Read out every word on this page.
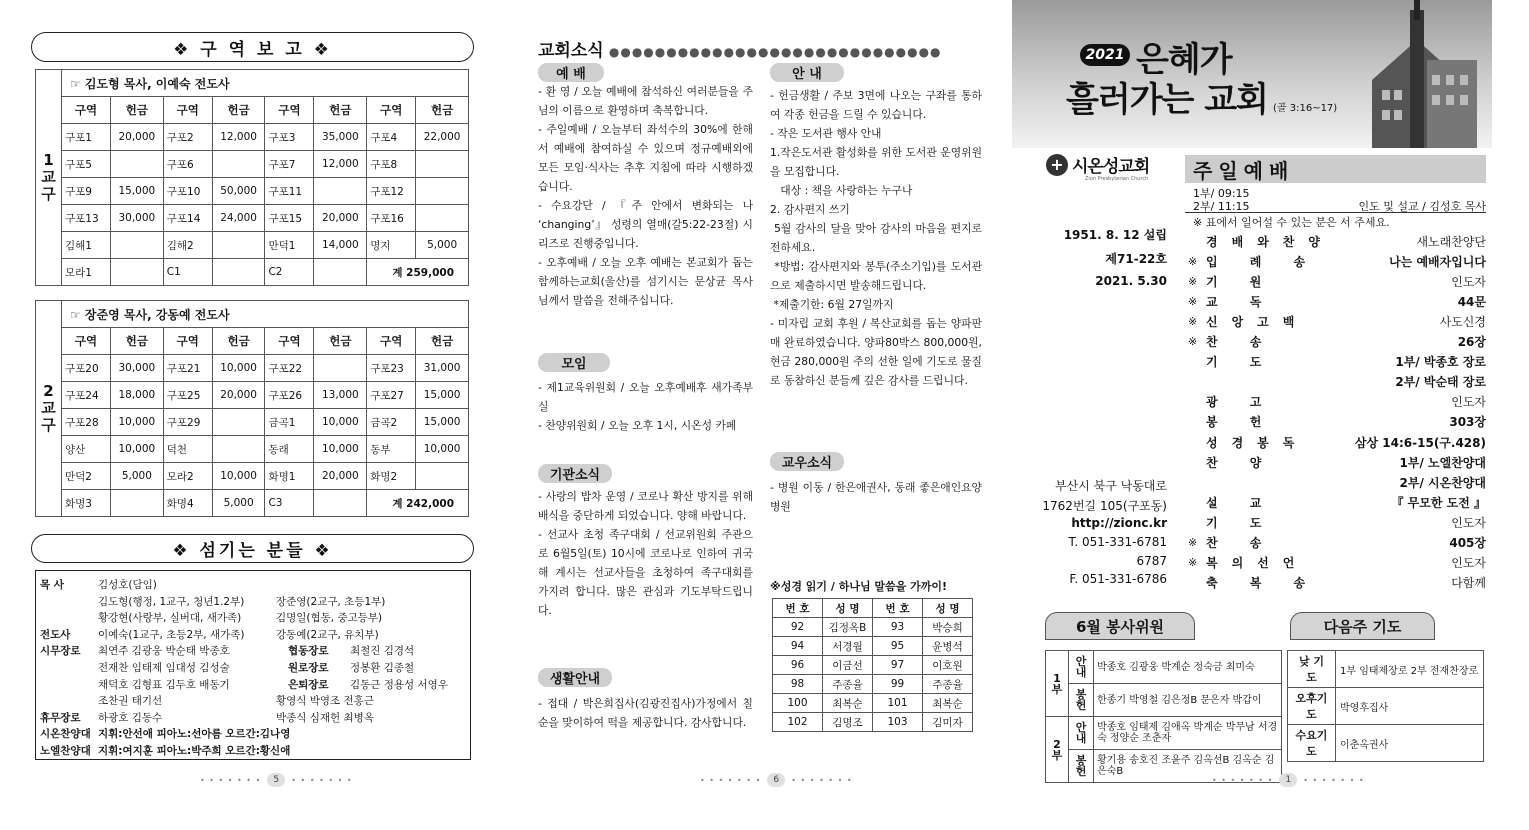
❖ 구 역 보 고 ❖
1
교
구	☞ 김도형 목사, 이예숙 전도사							
	구역	헌금	구역	헌금	구역	헌금	구역	헌금
	구포1	20,000	구포2	12,000	구포3	35,000	구포4	22,000
	구포5		구포6		구포7	12,000	구포8	
	구포9	15,000	구포10	50,000	구포11		구포12	
	구포13	30,000	구포14	24,000	구포15	20,000	구포16	
	김해1		김해2		만덕1	14,000	명지	5,000
	모라1		C1		C2		계 259,000	
2
교
구	☞ 장준영 목사, 강동예 전도사							
	구역	헌금	구역	헌금	구역	헌금	구역	헌금
	구포20	30,000	구포21	10,000	구포22		구포23	31,000
	구포24	18,000	구포25	20,000	구포26	13,000	구포27	15,000
	구포28	10,000	구포29		금곡1	10,000	금곡2	15,000
	양산	10,000	덕천		동래	10,000	동부	10,000
	만덕2	5,000	모라2	10,000	화명1	20,000	화명2	
	화명3		화명4	5,000	C3		계 242,000	
❖ 섬기는 분들 ❖
목 사	김성호(담임)
김도형(행정, 1교구, 청년1.2부)	장준영(2교구, 초등1부)
황강현(사랑부, 실버대, 새가족)	김명일(협동, 중고등부)
전도사	이예숙(1교구, 초등2부, 새가족)	강동예(2교구, 유치부)
시무장로 최연주 김광웅 박순태 박종호	협동장로 최철진 김경석
전재찬 임태제 임대성 김성술	원로장로 정봉환 김종철
채덕호 김형표 김두호 배동기	은퇴장로 김동근 정용성 서영우
조찬권 태기선	황영식 박영조 전홍근
휴무장로 하광호 김동수	박종식 심재헌 최병옥
시온찬양대 지휘:안선애 피아노:선아름 오르간:김나영
노엘찬양대 지휘:여지훈 피아노:박주희 오르간:황신애
• • • • • • •	5	• • • • • • •
교회소식 ●●●●●●●●●●●●●●●●●●●●●●●●●●●●●
예 배
- 환 영 / 오늘 예배에 참석하신 여러분들을 주님의 이름으로 환영하며 축복합니다.
- 주일예배 / 오늘부터 좌석수의 30%에 한해서 예배에 참여하실 수 있으며 정규예배외에 모든 모임·식사는 추후 지침에 따라 시행하겠습니다.
- 수요강단 / 『주 안에서 변화되는 나 ‘changing’』 성령의 열매(갈5:22-23절) 시리즈로 진행중입니다.
- 오후예배 / 오늘 오후 예배는 본교회가 돕는 함께하는교회(울산)를 섬기시는 문상균 목사님께서 말씀을 전해주십니다.
모임
- 제1교육위원회 / 오늘 오후예배후 새가족부실
- 찬양위원회 / 오늘 오후 1시, 시온성 카페
기관소식
- 사랑의 밥차 운영 / 코로나 확산 방지를 위해 배식을 중단하게 되었습니다. 양해 바랍니다.
- 선교사 초청 족구대회 / 선교위원회 주관으로 6월5일(토) 10시에 코로나로 인하여 귀국해 계시는 선교사들을 초청하여 족구대회를 가지려 합니다. 많은 관심과 기도부탁드립니다.
생활안내
- 접대 / 박은희집사(김광진집사)가정에서 칠순을 맞이하여 떡을 제공합니다. 감사합니다.
안 내
- 헌금생활 / 주보 3면에 나오는 구좌를 통하여 각종 헌금을 드릴 수 있습니다.
- 작은 도서관 행사 안내
1.작은도서관 활성화를 위한 도서관 운영위원을 모집합니다.
대상 : 책을 사랑하는 누구나
2. 감사편지 쓰기
5월 감사의 달을 맞아 감사의 마음을 편지로 전하세요.
*방법: 감사편지와 봉투(주소기입)를 도서관으로 제출하시면 발송해드립니다.
*제출기한: 6월 27일까지
- 미자립 교회 후원 / 복산교회를 돕는 양파판매 완료하였습니다. 양파80박스 800,000원, 현금 280,000원 주의 선한 일에 기도로 물질로 동참하신 분들께 깊은 감사를 드립니다.
교우소식
- 병원 이동 / 한은애권사, 동래 좋은애인요양병원
※성경 읽기 / 하나님 말씀을 가까이!
번 호	성 명	번 호	성 명
92	김정옥B	93	박승희
94	서경월	95	윤병석
96	이금선	97	이호원
98	주종율	99	주종율
100	최복순	101	최복순
102	김명조	103	김미자
• • • • • • •	6	• • • • • • •
2021 은혜가
흘러가는 교회 (골 3:16~17)
+ 시온성교회
Zion Presbyterian Church
1951. 8. 12 설립
제71-22호
2021. 5.30
부산시 북구 낙동대로
1762번길 105(구포동)
http://zionc.kr
T. 051-331-6781
6787
F. 051-331-6786
주일예배
1부/ 09:15
2부/ 11:15	인도 및 설교 / 김성호 목사
※ 표에서 일어설 수 있는 분은 서 주세요.
경배와찬양	새노래찬양단
※ 입 례 송	나는 예배자입니다
※ 기 원	인도자
※ 교 독	44문
※ 신앙고백	사도신경
※ 찬 송	26장
기 도	1부/ 박종호 장로
2부/ 박순태 장로
광 고	인도자
봉 헌	303장
성경봉독	삼상 14:6-15(구.428)
찬 양	1부/ 노엘찬양대
2부/ 시온찬양대
설 교	『 무모한 도전 』
기 도	인도자
※ 찬 송	405장
※ 복의선언	인도자
축 복 송	다함께
6월 봉사위원
1부	안내	박종호 김광웅 박계순 정숙금 최미숙
	봉헌	한종기 박영철 김은정B 문은자 박갑이
2부	안내	박종호 임태제 김애옥 박계순 박무남 서경숙 정양순 조춘자
	봉헌	황기용 송호진 조윤주 김옥선B 김옥순 김은숙B
다음주 기도
낮 기 도	1부 임태제장로 2부 전재찬장로
오후기도	박영후집사
수요기도	이춘옥권사
• • • • • • •	1	• • • • • • •
